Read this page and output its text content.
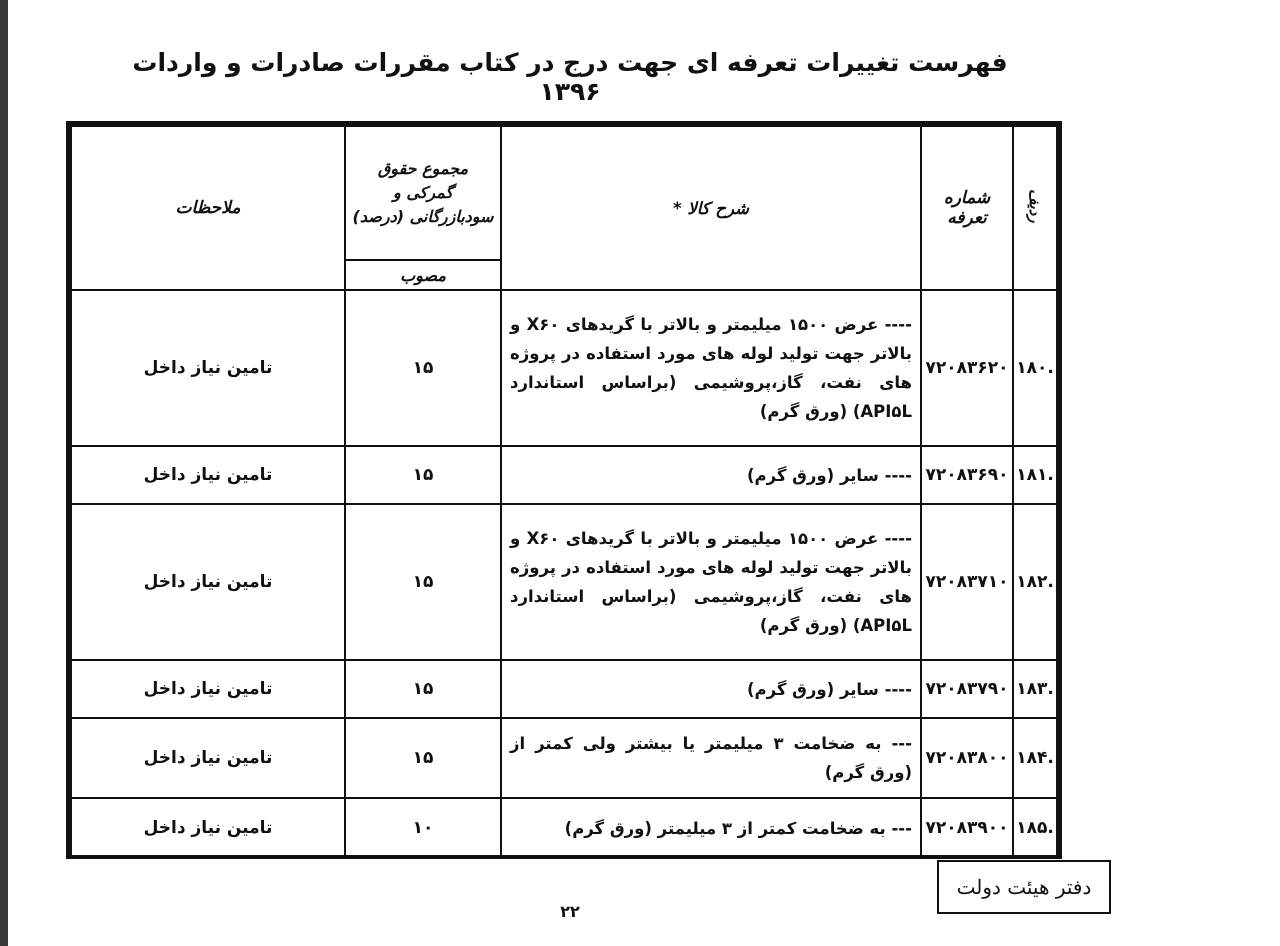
فهرست تغییرات تعرفه ای جهت درج در کتاب مقررات صادرات و واردات ۱۳۹۶
ردیف	شماره تعرفه	شرح کالا *	مجموع حقوق گمرکی و سودبازرگانی (درصد)	ملاحظات
			مصوب	
.۱۸۰	۷۲۰۸۳۶۲۰	---- عرض ۱۵۰۰ میلیمتر و بالاتر با گریدهای X۶۰ و بالاتر جهت تولید لوله های مورد استفاده در پروژه های نفت، گاز،پروشیمی (براساس استاندارد API۵L) (ورق گرم)	۱۵	تامین نیاز داخل
.۱۸۱	۷۲۰۸۳۶۹۰	---- سایر (ورق گرم)	۱۵	تامین نیاز داخل
.۱۸۲	۷۲۰۸۳۷۱۰	---- عرض ۱۵۰۰ میلیمتر و بالاتر با گریدهای X۶۰ و بالاتر جهت تولید لوله های مورد استفاده در پروژه های نفت، گاز،پروشیمی (براساس استاندارد API۵L) (ورق گرم)	۱۵	تامین نیاز داخل
.۱۸۳	۷۲۰۸۳۷۹۰	---- سایر (ورق گرم)	۱۵	تامین نیاز داخل
.۱۸۴	۷۲۰۸۳۸۰۰	--- به ضخامت ۳ میلیمتر یا بیشتر ولی کمتر از (ورق گرم)	۱۵	تامین نیاز داخل
.۱۸۵	۷۲۰۸۳۹۰۰	--- به ضخامت کمتر از ۳ میلیمتر (ورق گرم)	۱۰	تامین نیاز داخل
دفتر هیئت دولت
۲۲
